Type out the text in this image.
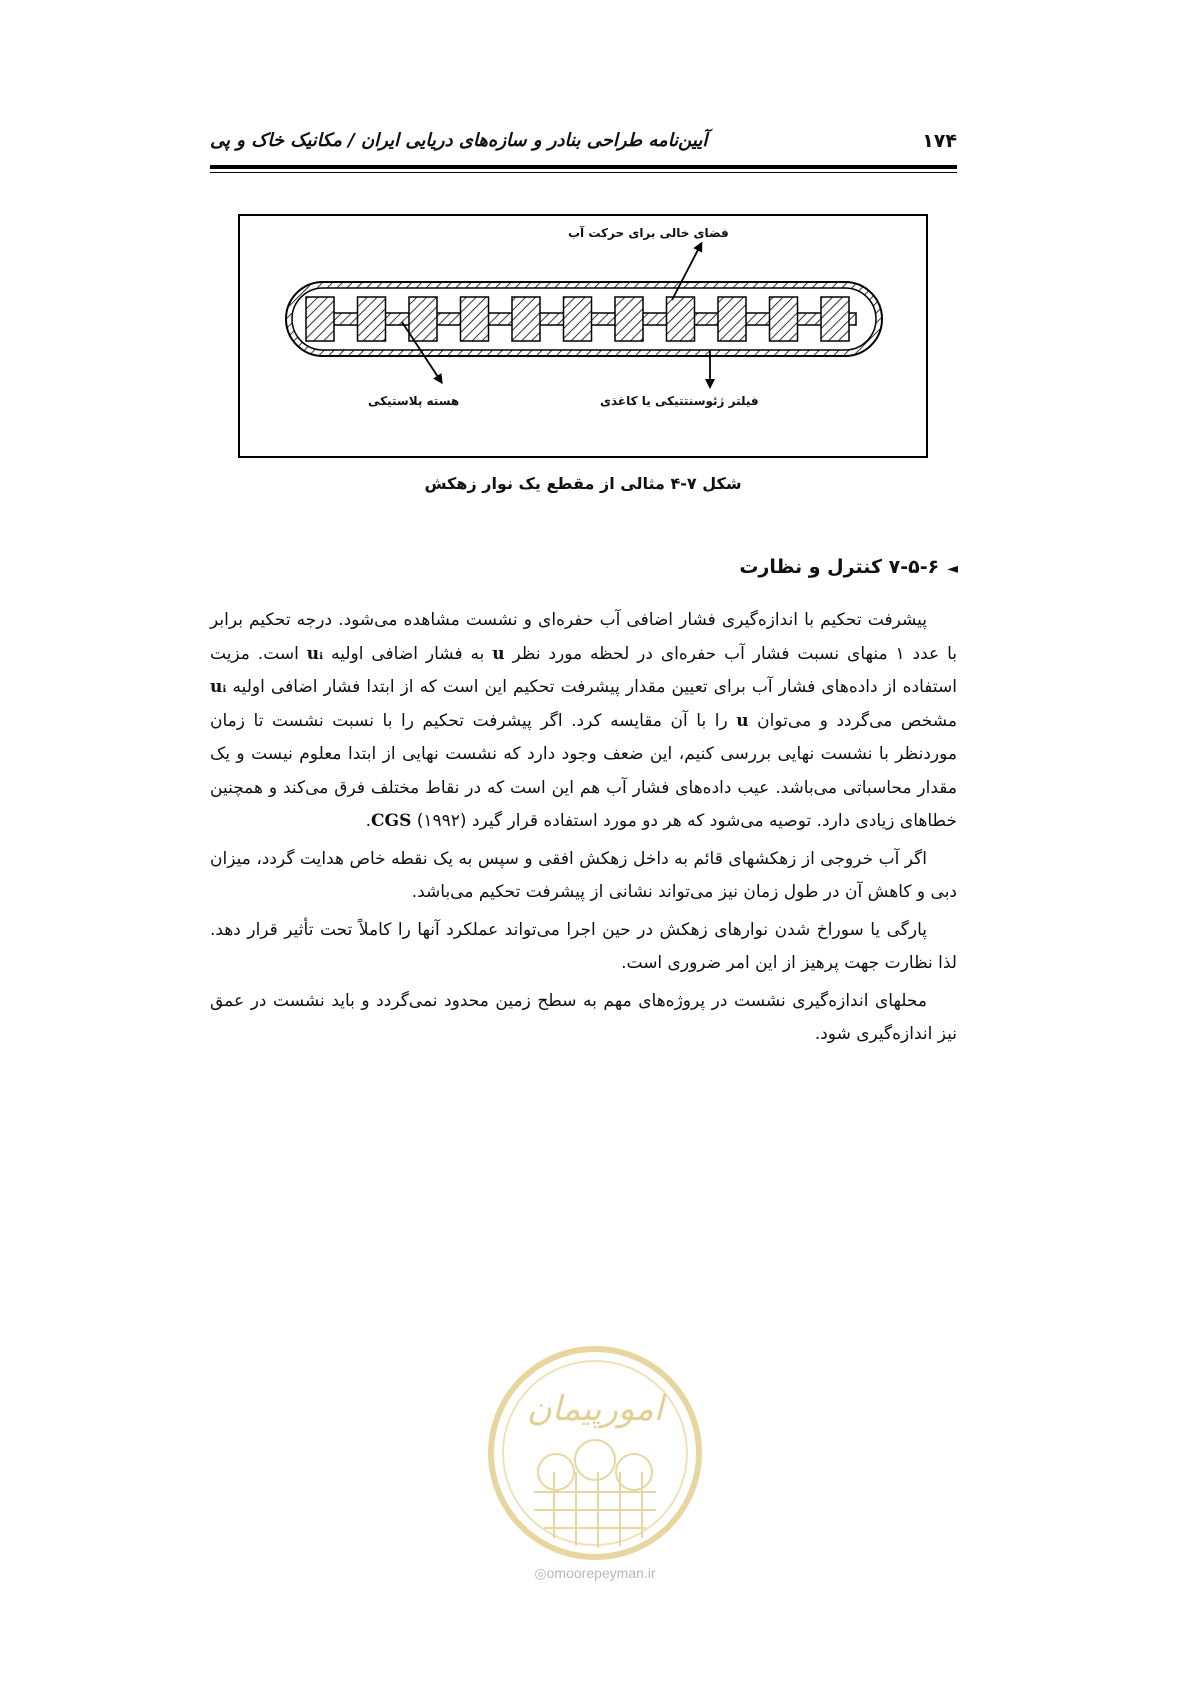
۱۷۴
آیین‌نامه طراحی بنادر و سازه‌های دریایی ایران / مکانیک خاک و پی
فضای خالی برای حرکت آب
هسته پلاستیکی	فیلتر ژئوسنتتیکی یا کاغذی
شکل ۷-۴ مثالی از مقطع یک نوار زهکش
◄۷-۵-۶ کنترل و نظارت

پیشرفت تحکیم با اندازه‌گیری فشار اضافی آب حفره‌ای و نشست مشاهده می‌شود. درجه تحکیم برابر با عدد ۱ منهای نسبت فشار آب حفره‌ای در لحظه مورد نظر u به فشار اضافی اولیه uᵢ است. مزیت استفاده از داده‌های فشار آب برای تعیین مقدار پیشرفت تحکیم این است که از ابتدا فشار اضافی اولیه uᵢ مشخص می‌گردد و می‌توان u را با آن مقایسه کرد. اگر پیشرفت تحکیم را با نسبت نشست تا زمان موردنظر با نشست نهایی بررسی کنیم، این ضعف وجود دارد که نشست نهایی از ابتدا معلوم نیست و یک مقدار محاسباتی می‌باشد. عیب داده‌های فشار آب هم این است که در نقاط مختلف فرق می‌کند و همچنین خطاهای زیادی دارد. توصیه می‌شود که هر دو مورد استفاده قرار گیرد CGS (۱۹۹۲).

اگر آب خروجی از زهکشهای قائم به داخل زهکش افقی و سپس به یک نقطه خاص هدایت گردد، میزان دبی و کاهش آن در طول زمان نیز می‌تواند نشانی از پیشرفت تحکیم می‌باشد.

پارگی یا سوراخ شدن نوارهای زهکش در حین اجرا می‌تواند عملکرد آنها را کاملاً تحت تأثیر قرار دهد. لذا نظارت جهت پرهیز از این امر ضروری است.

محلهای اندازه‌گیری نشست در پروژه‌های مهم به سطح زمین محدود نمی‌گردد و باید نشست در عمق نیز اندازه‌گیری شود.

امورپیمان
◎omoorepeyman.ir
